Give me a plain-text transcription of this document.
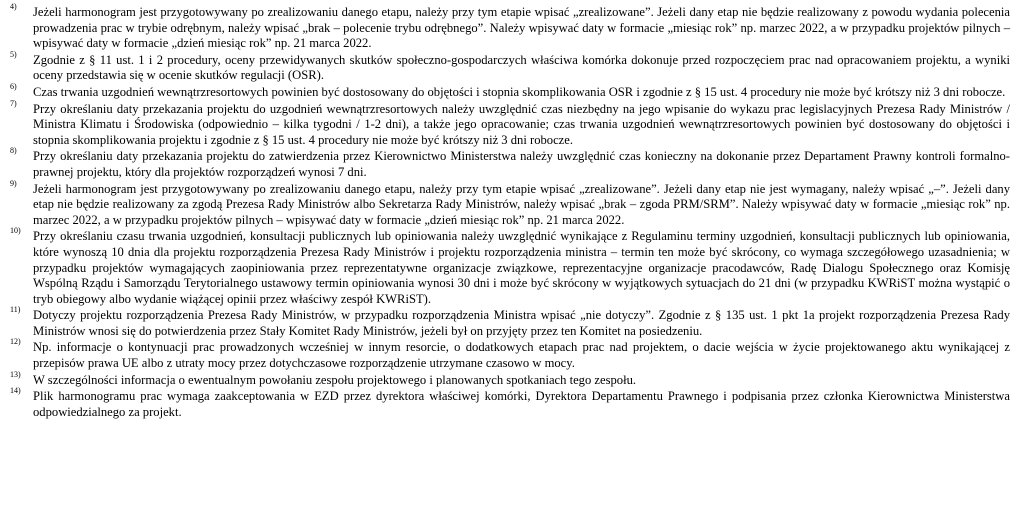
4) Jeżeli harmonogram jest przygotowywany po zrealizowaniu danego etapu, należy przy tym etapie wpisać „zrealizowane”. Jeżeli dany etap nie będzie realizowany z powodu wydania polecenia prowadzenia prac w trybie odrębnym, należy wpisać „brak – polecenie trybu odrębnego”. Należy wpisywać daty w formacie „miesiąc rok” np. marzec 2022, a w przypadku projektów pilnych – wpisywać daty w formacie „dzień miesiąc rok” np. 21 marca 2022.
5) Zgodnie z § 11 ust. 1 i 2 procedury, oceny przewidywanych skutków społeczno-gospodarczych właściwa komórka dokonuje przed rozpoczęciem prac nad opracowaniem projektu, a wyniki oceny przedstawia się w ocenie skutków regulacji (OSR).
6) Czas trwania uzgodnień wewnątrzresortowych powinien być dostosowany do objętości i stopnia skomplikowania OSR i zgodnie z § 15 ust. 4 procedury nie może być krótszy niż 3 dni robocze.
7) Przy określaniu daty przekazania projektu do uzgodnień wewnątrzresortowych należy uwzględnić czas niezbędny na jego wpisanie do wykazu prac legislacyjnych Prezesa Rady Ministrów / Ministra Klimatu i Środowiska (odpowiednio – kilka tygodni / 1-2 dni), a także jego opracowanie; czas trwania uzgodnień wewnątrzresortowych powinien być dostosowany do objętości i stopnia skomplikowania projektu i zgodnie z § 15 ust. 4 procedury nie może być krótszy niż 3 dni robocze.
8) Przy określaniu daty przekazania projektu do zatwierdzenia przez Kierownictwo Ministerstwa należy uwzględnić czas konieczny na dokonanie przez Departament Prawny kontroli formalno-prawnej projektu, który dla projektów rozporządzeń wynosi 7 dni.
9) Jeżeli harmonogram jest przygotowywany po zrealizowaniu danego etapu, należy przy tym etapie wpisać „zrealizowane”. Jeżeli dany etap nie jest wymagany, należy wpisać „–”. Jeżeli dany etap nie będzie realizowany za zgodą Prezesa Rady Ministrów albo Sekretarza Rady Ministrów, należy wpisać „brak – zgoda PRM/SRM”. Należy wpisywać daty w formacie „miesiąc rok” np. marzec 2022, a w przypadku projektów pilnych – wpisywać daty w formacie „dzień miesiąc rok” np. 21 marca 2022.
10) Przy określaniu czasu trwania uzgodnień, konsultacji publicznych lub opiniowania należy uwzględnić wynikające z Regulaminu terminy uzgodnień, konsultacji publicznych lub opiniowania, które wynoszą 10 dnia dla projektu rozporządzenia Prezesa Rady Ministrów i projektu rozporządzenia ministra – termin ten może być skrócony, co wymaga szczegółowego uzasadnienia; w przypadku projektów wymagających zaopiniowania przez reprezentatywne organizacje związkowe, reprezentacyjne organizacje pracodawców, Radę Dialogu Społecznego oraz Komisję Wspólną Rządu i Samorządu Terytorialnego ustawowy termin opiniowania wynosi 30 dni i może być skrócony w wyjątkowych sytuacjach do 21 dni (w przypadku KWRiST można wystąpić o tryb obiegowy albo wydanie wiążącej opinii przez właściwy zespół KWRiST).
11) Dotyczy projektu rozporządzenia Prezesa Rady Ministrów, w przypadku rozporządzenia Ministra wpisać „nie dotyczy”. Zgodnie z § 135 ust. 1 pkt 1a projekt rozporządzenia Prezesa Rady Ministrów wnosi się do potwierdzenia przez Stały Komitet Rady Ministrów, jeżeli był on przyjęty przez ten Komitet na posiedzeniu.
12) Np. informacje o kontynuacji prac prowadzonych wcześniej w innym resorcie, o dodatkowych etapach prac nad projektem, o dacie wejścia w życie projektowanego aktu wynikającej z przepisów prawa UE albo z utraty mocy przez dotychczasowe rozporządzenie utrzymane czasowo w mocy.
13) W szczególności informacja o ewentualnym powołaniu zespołu projektowego i planowanych spotkaniach tego zespołu.
14) Plik harmonogramu prac wymaga zaakceptowania w EZD przez dyrektora właściwej komórki, Dyrektora Departamentu Prawnego i podpisania przez członka Kierownictwa Ministerstwa odpowiedzialnego za projekt.
